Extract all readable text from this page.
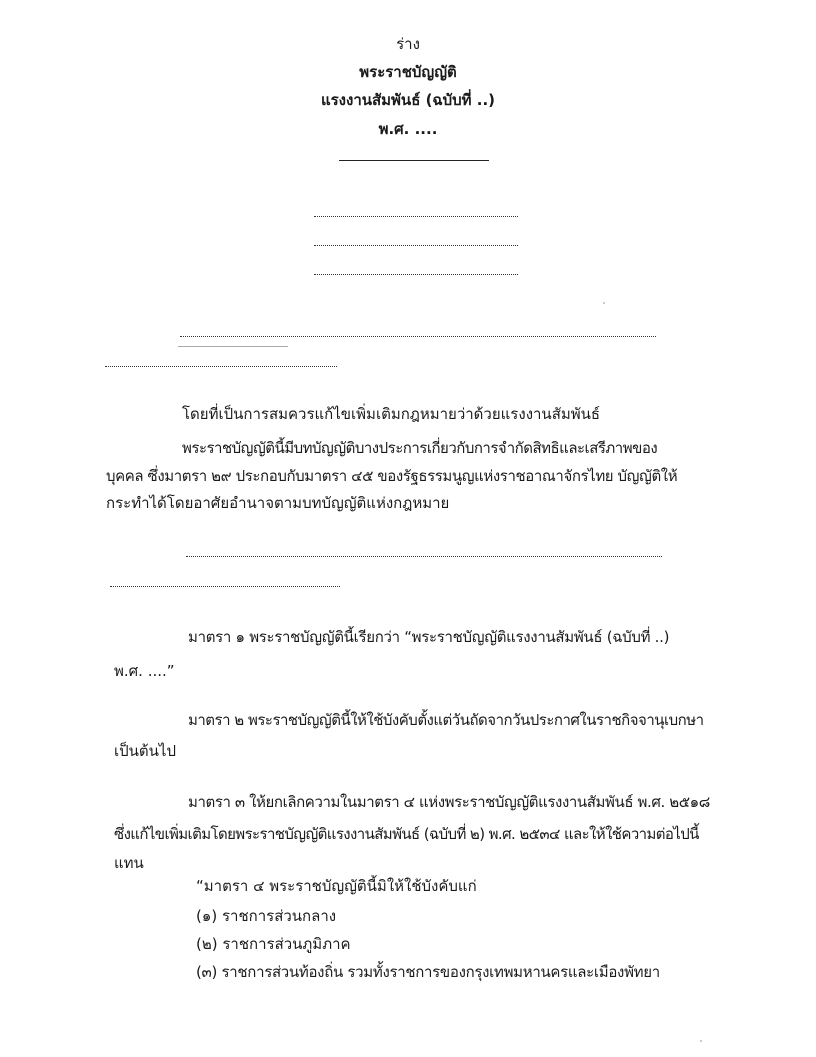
ร่าง
พระราชบัญญัติ
แรงงานสัมพันธ์ (ฉบับที่ ..)
พ.ศ. ....
โดยที่เป็นการสมควรแก้ไขเพิ่มเติมกฎหมายว่าด้วยแรงงานสัมพันธ์
พระราชบัญญัตินี้มีบทบัญญัติบางประการเกี่ยวกับการจำกัดสิทธิและเสรีภาพของ
บุคคล ซึ่งมาตรา ๒๙ ประกอบกับมาตรา ๔๕ ของรัฐธรรมนูญแห่งราชอาณาจักรไทย บัญญัติให้
กระทำได้โดยอาศัยอำนาจตามบทบัญญัติแห่งกฎหมาย
มาตรา ๑ พระราชบัญญัตินี้เรียกว่า “พระราชบัญญัติแรงงานสัมพันธ์ (ฉบับที่ ..)
พ.ศ. ....”
มาตรา ๒ พระราชบัญญัตินี้ให้ใช้บังคับตั้งแต่วันถัดจากวันประกาศในราชกิจจานุเบกษา
เป็นต้นไป
มาตรา ๓ ให้ยกเลิกความในมาตรา ๔ แห่งพระราชบัญญัติแรงงานสัมพันธ์ พ.ศ. ๒๕๑๘
ซึ่งแก้ไขเพิ่มเติมโดยพระราชบัญญัติแรงงานสัมพันธ์ (ฉบับที่ ๒) พ.ศ. ๒๕๓๔ และให้ใช้ความต่อไปนี้
แทน
“มาตรา ๔ พระราชบัญญัตินี้มิให้ใช้บังคับแก่
(๑) ราชการส่วนกลาง
(๒) ราชการส่วนภูมิภาค
(๓) ราชการส่วนท้องถิ่น รวมทั้งราชการของกรุงเทพมหานครและเมืองพัทยา
